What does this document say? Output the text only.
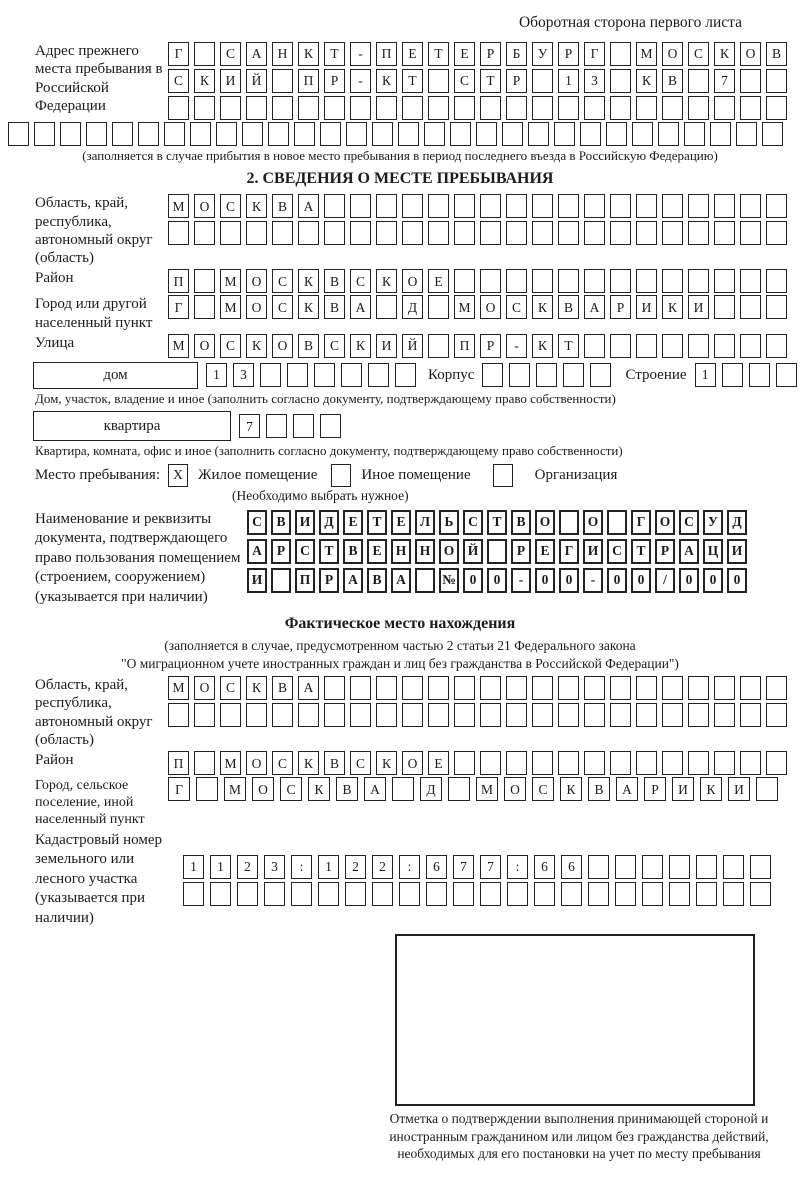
Оборотная сторона первого листа
Адрес прежнего места пребывания в Российской Федерации
Г	С	А	Н	К	Т	-	П	Е	Т	Е	Р	Б	У	Р	Г	М	О	С	К	О	В
С	К	И	Й	П	Р	-	К	Т	С	Т	Р	1	3	К	В	7
(заполняется в случае прибытия в новое место пребывания в период последнего въезда в Российскую Федерацию)
2. СВЕДЕНИЯ О МЕСТЕ ПРЕБЫВАНИЯ
Область, край, республика, автономный округ (область)
М	О	С	К	В	А
Район	П	М	О	С	К	В	С	К	О	Е
Город или другой населенный пункт
Г	М	О	С	К	В	А	Д	М	О	С	К	В	А	Р	И	К	И
Улица	М	О	С	К	О	В	С	К	И	Й	П	Р	-	К	Т
дом	1	3	Корпус	Строение	1
Дом, участок, владение и иное (заполнить согласно документу, подтверждающему право собственности)
квартира	7
Квартира, комната, офис и иное (заполнить согласно документу, подтверждающему право собственности)
Место пребывания: X	Жилое помещение	Иное помещение	Организация
(Необходимо выбрать нужное)
Наименование и реквизиты документа, подтверждающего право пользования помещением (строением, сооружением) (указывается при наличии)
С	В	И	Д	Е	Т	Е	Л	Ь	С	Т	В	О	О	Г	О	С	У	Д
А	Р	С	Т	В	Е	Н Н О Й	Р	Е	Г	И	С	Т	Р	А	Ц И
И	П	Р	А	В	А	№	0	0	-	0	0	-	0	0	/	0	0	0
Фактическое место нахождения
(заполняется в случае, предусмотренном частью 2 статьи 21 Федерального закона
"О миграционном учете иностранных граждан и лиц без гражданства в Российской Федерации")
Область, край, республика, автономный округ (область)
М	О	С	К	В	А
Район	П	М	О	С	К	В	С	К	О	Е
Город, сельское поселение, иной населенный пункт
Г	М	О	С	К	В	А	Д	М	О	С	К	В	А	Р	И	К	И
Кадастровый номер земельного или лесного участка (указывается при наличии)
1	1	2	3	:	1	2	2	:	6	7	7	:	6	6
Отметка о подтверждении выполнения принимающей стороной и иностранным гражданином или лицом без гражданства действий, необходимых для его постановки на учет по месту пребывания
